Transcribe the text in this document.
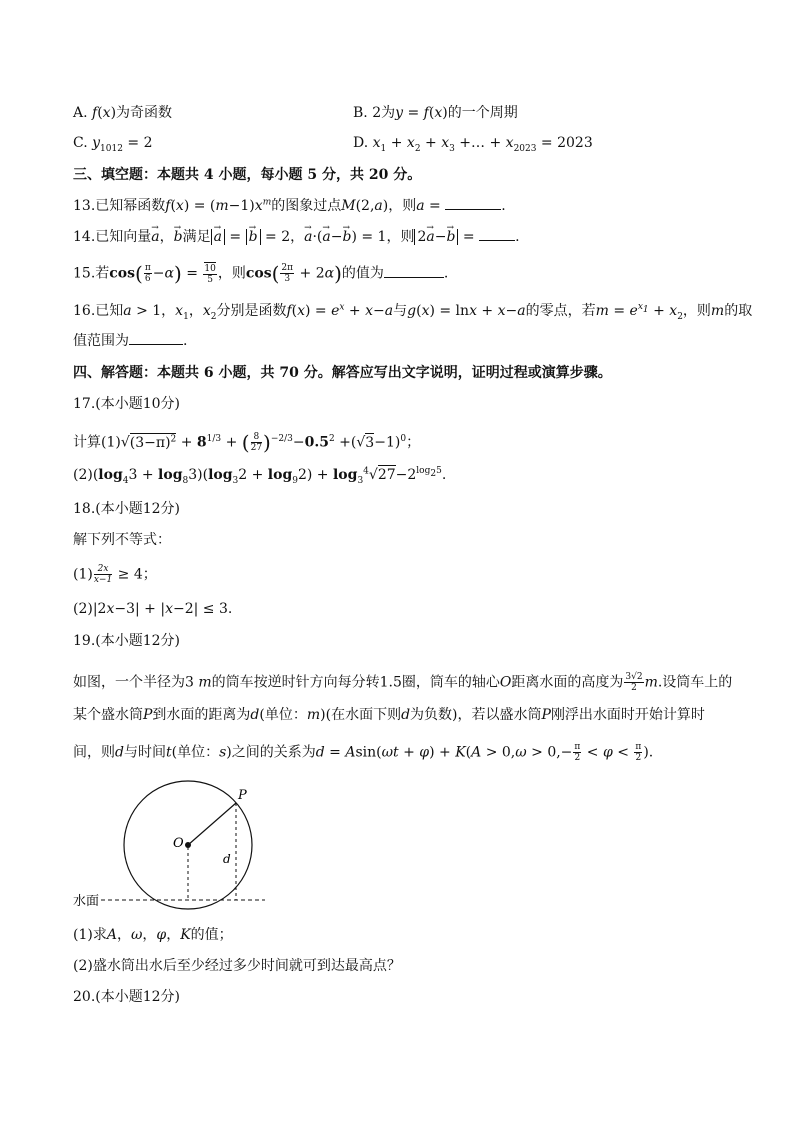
A. f(x)为奇函数	B. 2为y = f(x)的一个周期
C. $y_{1012} = 2$	D. $x_1 + x_2 + x_3$ +… + $x_{2023} = 2023$
三、填空题：本题共 4 小题，每小题 5 分，共 20 分。
13.已知幂函数$f(x) = (m-1)x^m$的图象过点M(2,a)，则a =	.
14.已知向量→ a，→ b满足→ a = → b = 2，→ a·(→ a−→ b) = 1，则 2→ a−→ b =	.
15.若$\cos( \frac{\pi}{6} -\alpha) = \frac{10}{5}$ ，则$\cos( \frac{2\pi}{3} + 2\alpha)$的值为	.
16.已知a > 1，$x_1$，$x_2$分别是函数$f(x) = e^x + x-a$与g(x) = lnx + x−a的零点，若$m = e^{x_1} + x_2$，则m的取
值范围为	.
四、解答题：本题共 6 小题，共 70 分。解答应写出文字说明，证明过程或演算步骤。
17.(本小题10分)
计算$(1)√(3-\pi)^2 + 8^{1/3}$ + ( $\frac{8}{27} )^{-2/3}-0.5^2 +(√3-1)^0$；
$(2)(\log_43 + \log_83)(\log_32 + \log_92) + \log_3^4√27-2^{log_25}$.
18.(本小题12分)
解下列不等式：
$(1) \frac{2x}{x-1} \ge 4$；
(2)|2x−3| + |x−2| ≤ 3.
19.(本小题12分)
如图，一个半径为3 m的筒车按逆时针方向每分转1.5圈，筒车的轴心O距离水面的高度为 $\frac{3√2}{2} m$.设筒车上的
某个盛水筒P到水面的距离为d(单位：m)(在水面下则d为负数)，若以盛水筒P刚浮出水面时开始计算时
间，则d与时间t(单位：s)之间的关系为$d = Asin(\omega t + \varphi) + K(A > 0,\omega > 0,- \frac{\pi}{2} < \varphi < \frac{\pi}{2}$ ).
P
O
d
水面
(1)求A，ω，φ，K的值；
(2)盛水筒出水后至少经过多少时间就可到达最高点？
20.(本小题12分)
